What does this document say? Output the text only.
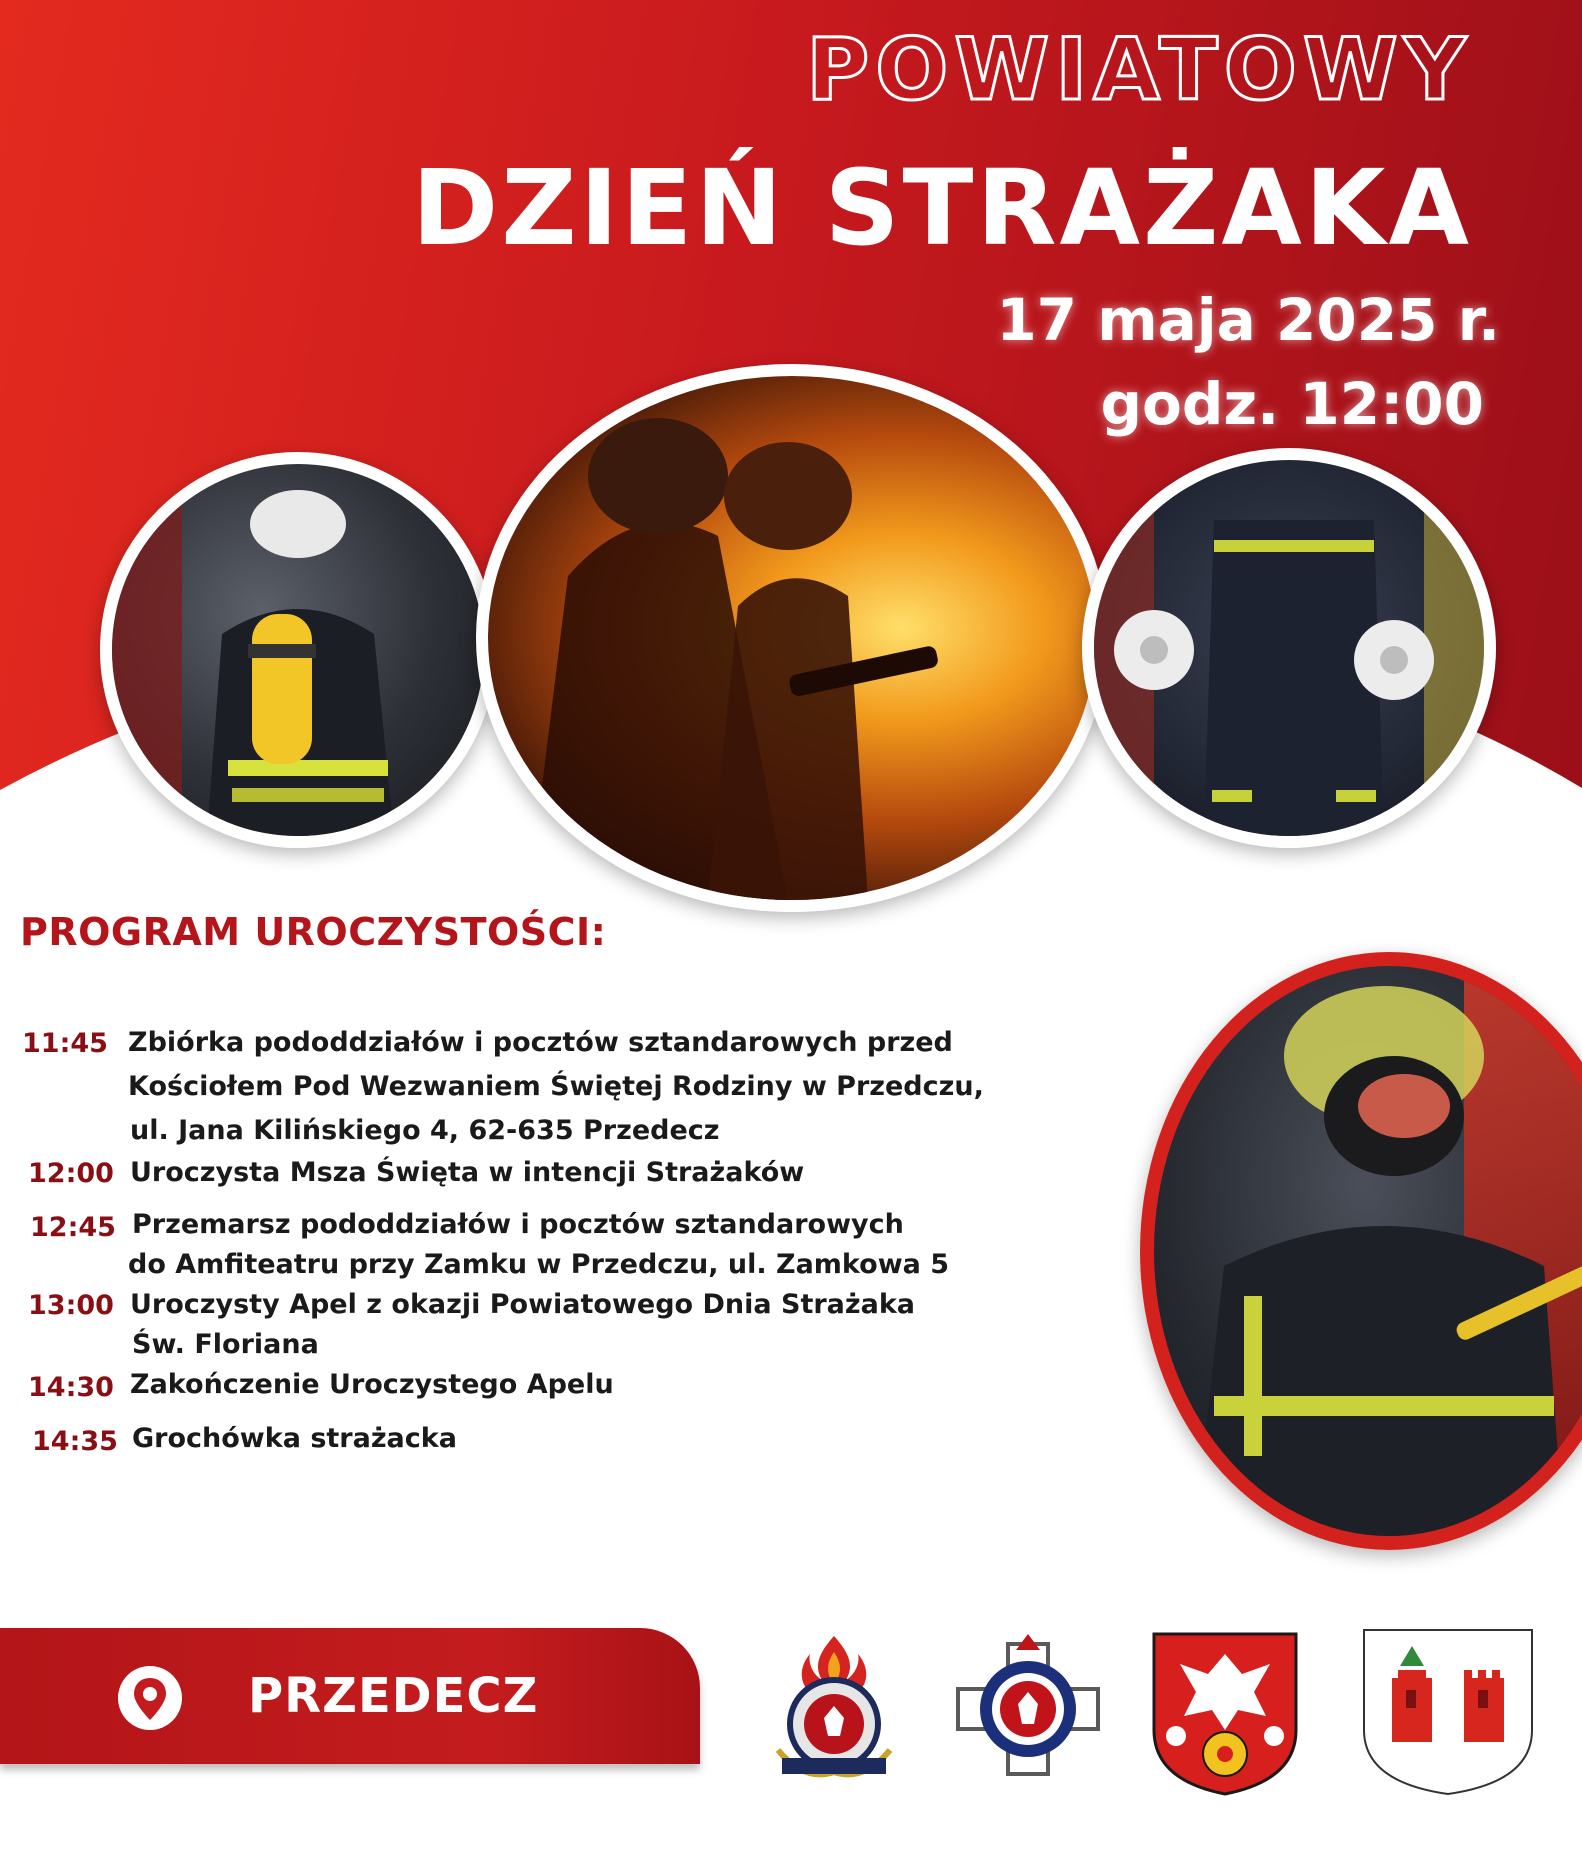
POWIATOWY
DZIEŃ STRAŻAKA
17 maja 2025 r.
godz. 12:00
PROGRAM UROCZYSTOŚCI:
11:45 Zbiórka pododdziałów i pocztów sztandarowych przed
Kościołem Pod Wezwaniem Świętej Rodziny w Przedczu,
ul. Jana Kilińskiego 4, 62-635 Przedecz
12:00 Uroczysta Msza Święta w intencji Strażaków
12:45 Przemarsz pododdziałów i pocztów sztandarowych
do Amfiteatru przy Zamku w Przedczu, ul. Zamkowa 5
13:00 Uroczysty Apel z okazji Powiatowego Dnia Strażaka
Św. Floriana
14:30 Zakończenie Uroczystego Apelu
14:35 Grochówka strażacka
PRZEDECZ
